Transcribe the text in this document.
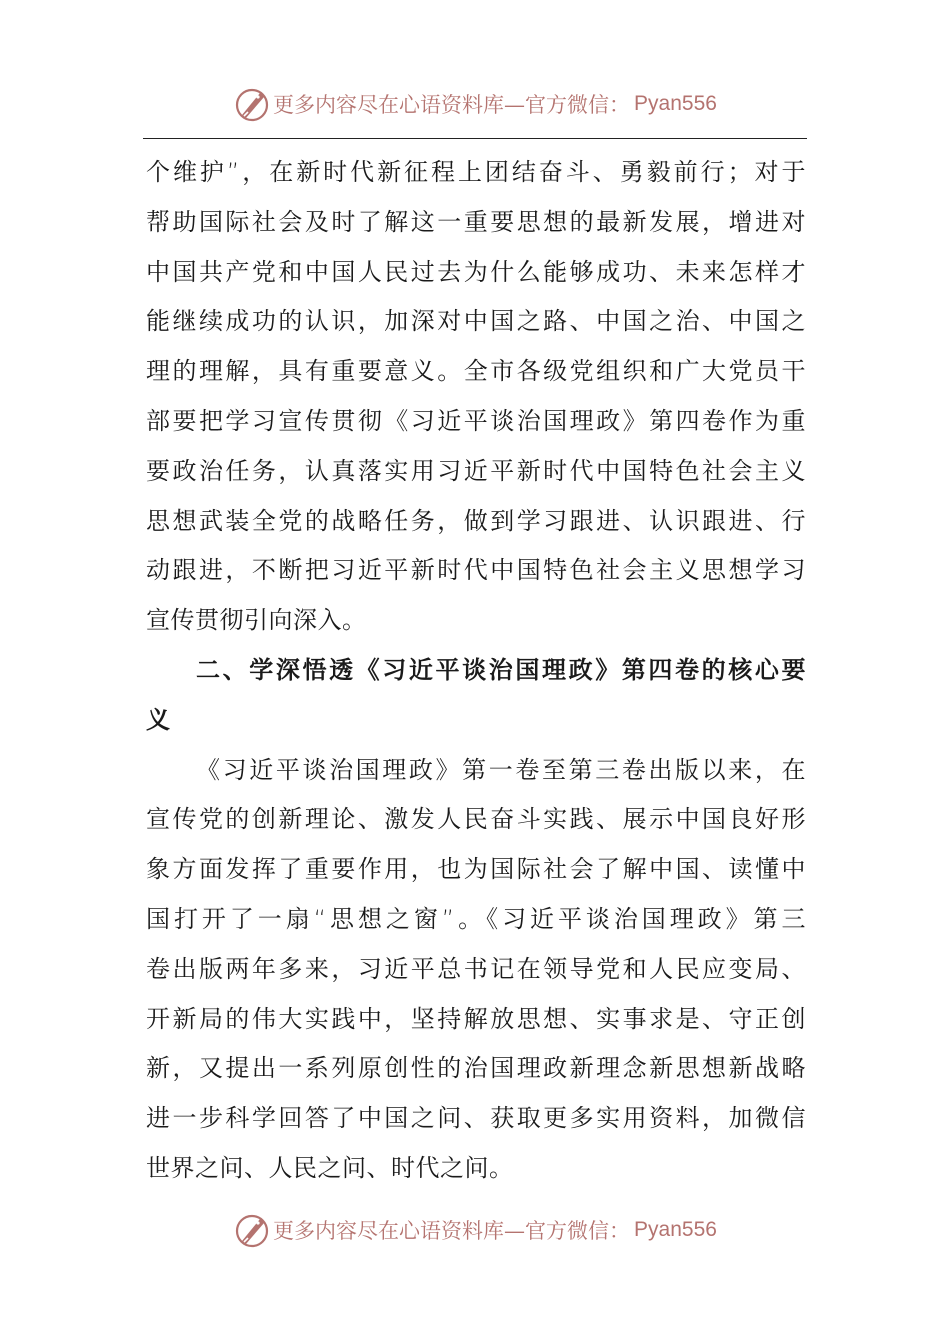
更多内容尽在心语资料库—官方微信： Pyan556
个维护”，在新时代新征程上团结奋斗、勇毅前行；对于
帮助国际社会及时了解这一重要思想的最新发展，增进对
中国共产党和中国人民过去为什么能够成功、未来怎样才
能继续成功的认识，加深对中国之路、中国之治、中国之
理的理解，具有重要意义。全市各级党组织和广大党员干
部要把学习宣传贯彻《习近平谈治国理政》第四卷作为重
要政治任务，认真落实用习近平新时代中国特色社会主义
思想武装全党的战略任务，做到学习跟进、认识跟进、行
动跟进，不断把习近平新时代中国特色社会主义思想学习
宣传贯彻引向深入。
二、学深悟透《习近平谈治国理政》第四卷的核心要
义
《习近平谈治国理政》第一卷至第三卷出版以来，在
宣传党的创新理论、激发人民奋斗实践、展示中国良好形
象方面发挥了重要作用，也为国际社会了解中国、读懂中
国打开了一扇“思想之窗”。《习近平谈治国理政》第三
卷出版两年多来，习近平总书记在领导党和人民应变局、
开新局的伟大实践中，坚持解放思想、实事求是、守正创
新，又提出一系列原创性的治国理政新理念新思想新战略
进一步科学回答了中国之问、获取更多实用资料，加微信
世界之问、人民之问、时代之问。
更多内容尽在心语资料库—官方微信： Pyan556
